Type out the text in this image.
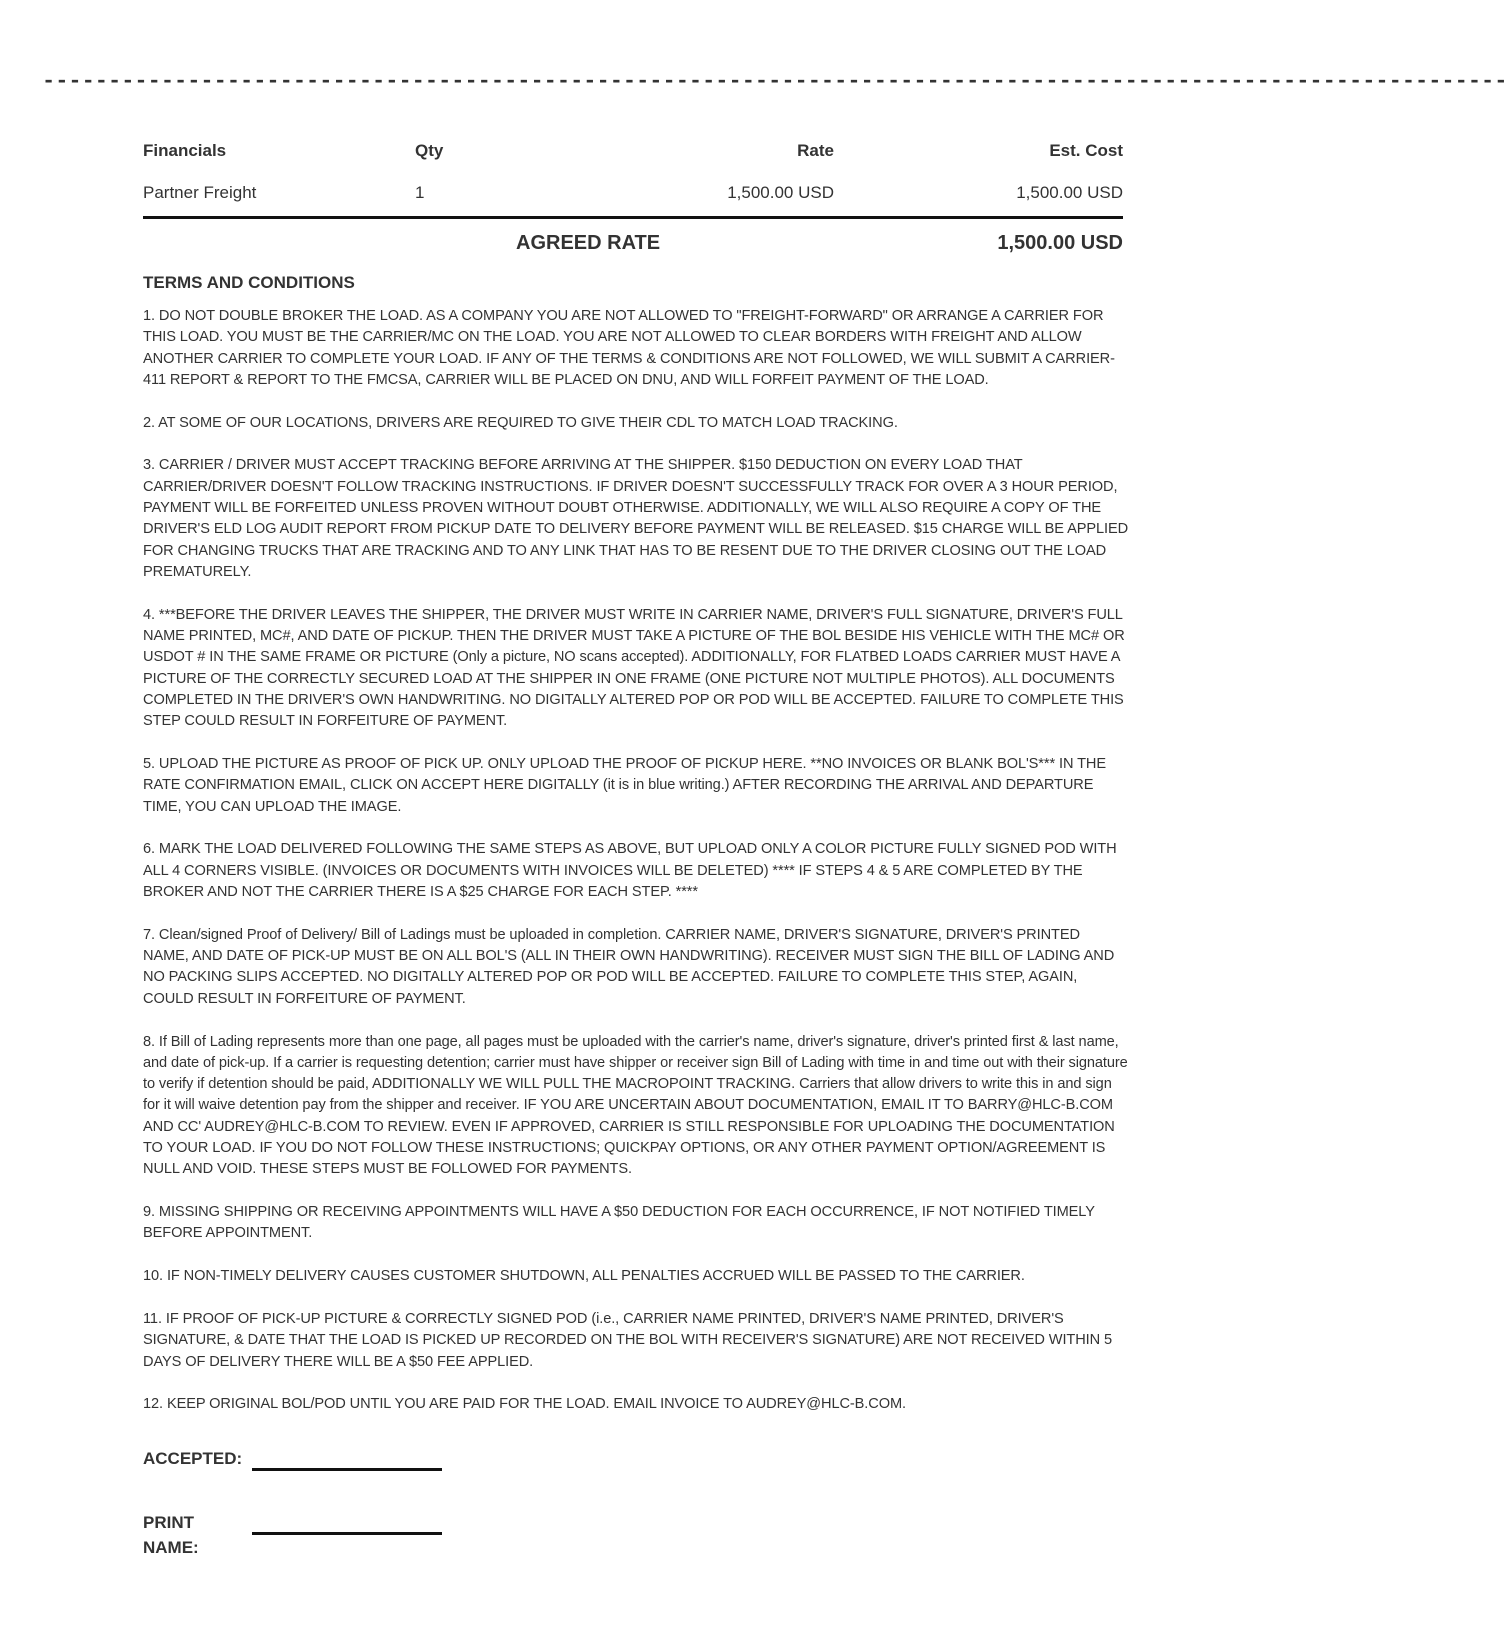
---------------------------------------------------------------------------------------------------------------
Financials	Qty	Rate	Est. Cost
Partner Freight	1	1,500.00 USD	1,500.00 USD
AGREED RATE	1,500.00 USD
TERMS AND CONDITIONS

1. DO NOT DOUBLE BROKER THE LOAD. AS A COMPANY YOU ARE NOT ALLOWED TO "FREIGHT-FORWARD" OR ARRANGE A CARRIER FOR THIS LOAD. YOU MUST BE THE CARRIER/MC ON THE LOAD. YOU ARE NOT ALLOWED TO CLEAR BORDERS WITH FREIGHT AND ALLOW ANOTHER CARRIER TO COMPLETE YOUR LOAD. IF ANY OF THE TERMS & CONDITIONS ARE NOT FOLLOWED, WE WILL SUBMIT A CARRIER-411 REPORT & REPORT TO THE FMCSA, CARRIER WILL BE PLACED ON DNU, AND WILL FORFEIT PAYMENT OF THE LOAD.

2. AT SOME OF OUR LOCATIONS, DRIVERS ARE REQUIRED TO GIVE THEIR CDL TO MATCH LOAD TRACKING.

3. CARRIER / DRIVER MUST ACCEPT TRACKING BEFORE ARRIVING AT THE SHIPPER. $150 DEDUCTION ON EVERY LOAD THAT CARRIER/DRIVER DOESN'T FOLLOW TRACKING INSTRUCTIONS. IF DRIVER DOESN'T SUCCESSFULLY TRACK FOR OVER A 3 HOUR PERIOD, PAYMENT WILL BE FORFEITED UNLESS PROVEN WITHOUT DOUBT OTHERWISE. ADDITIONALLY, WE WILL ALSO REQUIRE A COPY OF THE DRIVER'S ELD LOG AUDIT REPORT FROM PICKUP DATE TO DELIVERY BEFORE PAYMENT WILL BE RELEASED. $15 CHARGE WILL BE APPLIED FOR CHANGING TRUCKS THAT ARE TRACKING AND TO ANY LINK THAT HAS TO BE RESENT DUE TO THE DRIVER CLOSING OUT THE LOAD PREMATURELY.

4. ***BEFORE THE DRIVER LEAVES THE SHIPPER, THE DRIVER MUST WRITE IN CARRIER NAME, DRIVER'S FULL SIGNATURE, DRIVER'S FULL NAME PRINTED, MC#, AND DATE OF PICKUP. THEN THE DRIVER MUST TAKE A PICTURE OF THE BOL BESIDE HIS VEHICLE WITH THE MC# OR USDOT # IN THE SAME FRAME OR PICTURE (Only a picture, NO scans accepted). ADDITIONALLY, FOR FLATBED LOADS CARRIER MUST HAVE A PICTURE OF THE CORRECTLY SECURED LOAD AT THE SHIPPER IN ONE FRAME (ONE PICTURE NOT MULTIPLE PHOTOS). ALL DOCUMENTS COMPLETED IN THE DRIVER'S OWN HANDWRITING. NO DIGITALLY ALTERED POP OR POD WILL BE ACCEPTED. FAILURE TO COMPLETE THIS STEP COULD RESULT IN FORFEITURE OF PAYMENT.

5. UPLOAD THE PICTURE AS PROOF OF PICK UP. ONLY UPLOAD THE PROOF OF PICKUP HERE. **NO INVOICES OR BLANK BOL'S*** IN THE RATE CONFIRMATION EMAIL, CLICK ON ACCEPT HERE DIGITALLY (it is in blue writing.) AFTER RECORDING THE ARRIVAL AND DEPARTURE TIME, YOU CAN UPLOAD THE IMAGE.

6. MARK THE LOAD DELIVERED FOLLOWING THE SAME STEPS AS ABOVE, BUT UPLOAD ONLY A COLOR PICTURE FULLY SIGNED POD WITH ALL 4 CORNERS VISIBLE. (INVOICES OR DOCUMENTS WITH INVOICES WILL BE DELETED) **** IF STEPS 4 & 5 ARE COMPLETED BY THE BROKER AND NOT THE CARRIER THERE IS A $25 CHARGE FOR EACH STEP. ****

7. Clean/signed Proof of Delivery/ Bill of Ladings must be uploaded in completion. CARRIER NAME, DRIVER'S SIGNATURE, DRIVER'S PRINTED NAME, AND DATE OF PICK-UP MUST BE ON ALL BOL'S (ALL IN THEIR OWN HANDWRITING). RECEIVER MUST SIGN THE BILL OF LADING AND NO PACKING SLIPS ACCEPTED. NO DIGITALLY ALTERED POP OR POD WILL BE ACCEPTED. FAILURE TO COMPLETE THIS STEP, AGAIN, COULD RESULT IN FORFEITURE OF PAYMENT.

8. If Bill of Lading represents more than one page, all pages must be uploaded with the carrier's name, driver's signature, driver's printed first & last name, and date of pick-up. If a carrier is requesting detention; carrier must have shipper or receiver sign Bill of Lading with time in and time out with their signature to verify if detention should be paid, ADDITIONALLY WE WILL PULL THE MACROPOINT TRACKING. Carriers that allow drivers to write this in and sign for it will waive detention pay from the shipper and receiver. IF YOU ARE UNCERTAIN ABOUT DOCUMENTATION, EMAIL IT TO BARRY@HLC-B.COM AND CC' AUDREY@HLC-B.COM TO REVIEW. EVEN IF APPROVED, CARRIER IS STILL RESPONSIBLE FOR UPLOADING THE DOCUMENTATION TO YOUR LOAD. IF YOU DO NOT FOLLOW THESE INSTRUCTIONS; QUICKPAY OPTIONS, OR ANY OTHER PAYMENT OPTION/AGREEMENT IS NULL AND VOID. THESE STEPS MUST BE FOLLOWED FOR PAYMENTS.

9. MISSING SHIPPING OR RECEIVING APPOINTMENTS WILL HAVE A $50 DEDUCTION FOR EACH OCCURRENCE, IF NOT NOTIFIED TIMELY BEFORE APPOINTMENT.

10. IF NON-TIMELY DELIVERY CAUSES CUSTOMER SHUTDOWN, ALL PENALTIES ACCRUED WILL BE PASSED TO THE CARRIER.

11. IF PROOF OF PICK-UP PICTURE & CORRECTLY SIGNED POD (i.e., CARRIER NAME PRINTED, DRIVER'S NAME PRINTED, DRIVER'S SIGNATURE, & DATE THAT THE LOAD IS PICKED UP RECORDED ON THE BOL WITH RECEIVER'S SIGNATURE) ARE NOT RECEIVED WITHIN 5 DAYS OF DELIVERY THERE WILL BE A $50 FEE APPLIED.

12. KEEP ORIGINAL BOL/POD UNTIL YOU ARE PAID FOR THE LOAD. EMAIL INVOICE TO AUDREY@HLC-B.COM.

ACCEPTED:
PRINT
NAME:
